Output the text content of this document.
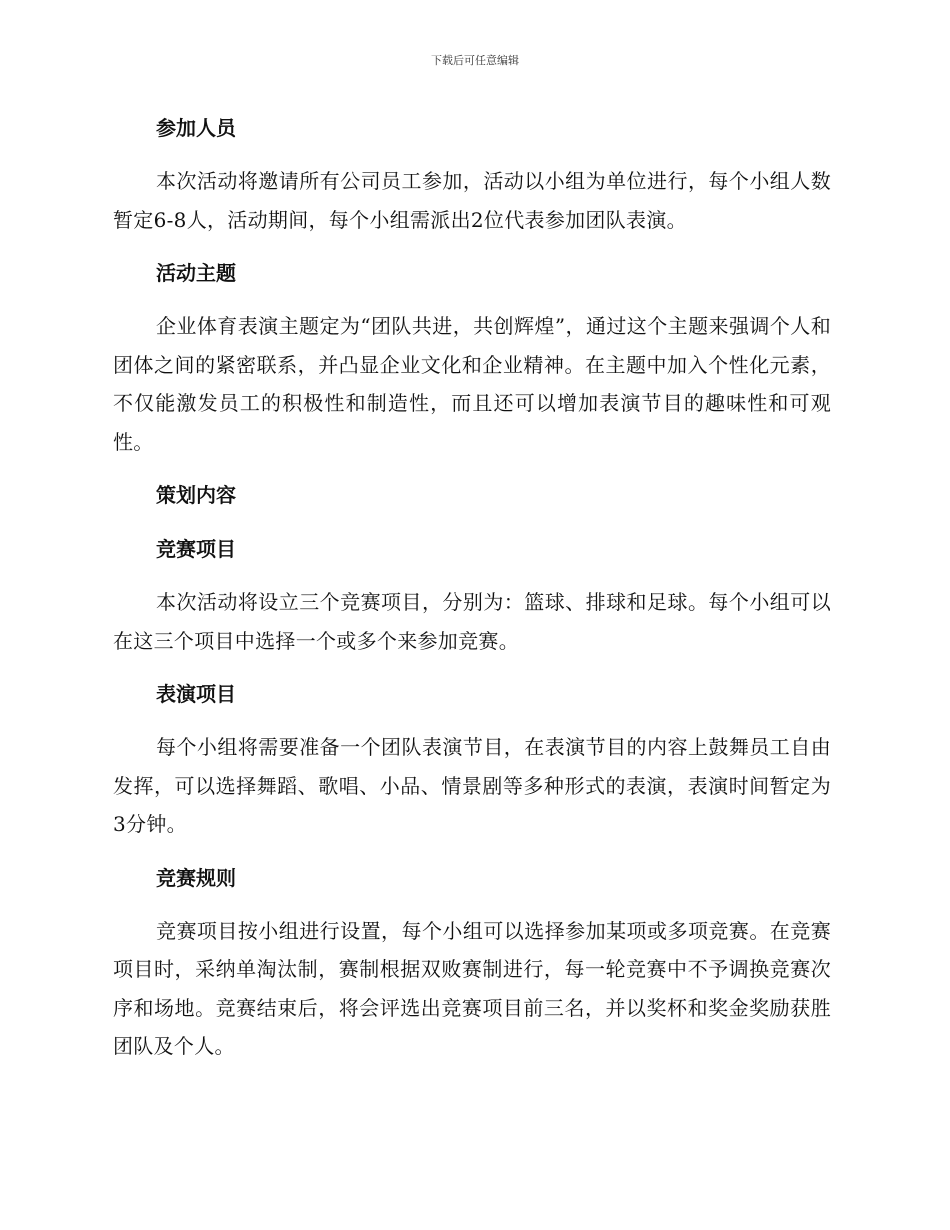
下载后可任意编辑
参加人员

本次活动将邀请所有公司员工参加，活动以小组为单位进行，每个小组人数暂定6-8人，活动期间，每个小组需派出2位代表参加团队表演。

活动主题

企业体育表演主题定为“团队共进，共创辉煌”，通过这个主题来强调个人和团体之间的紧密联系，并凸显企业文化和企业精神。在主题中加入个性化元素，不仅能激发员工的积极性和制造性，而且还可以增加表演节目的趣味性和可观性。

策划内容
竞赛项目

本次活动将设立三个竞赛项目，分别为：篮球、排球和足球。每个小组可以在这三个项目中选择一个或多个来参加竞赛。

表演项目

每个小组将需要准备一个团队表演节目，在表演节目的内容上鼓舞员工自由发挥，可以选择舞蹈、歌唱、小品、情景剧等多种形式的表演，表演时间暂定为3分钟。

竞赛规则

竞赛项目按小组进行设置，每个小组可以选择参加某项或多项竞赛。在竞赛项目时，采纳单淘汰制，赛制根据双败赛制进行，每一轮竞赛中不予调换竞赛次序和场地。竞赛结束后，将会评选出竞赛项目前三名，并以奖杯和奖金奖励获胜团队及个人。
